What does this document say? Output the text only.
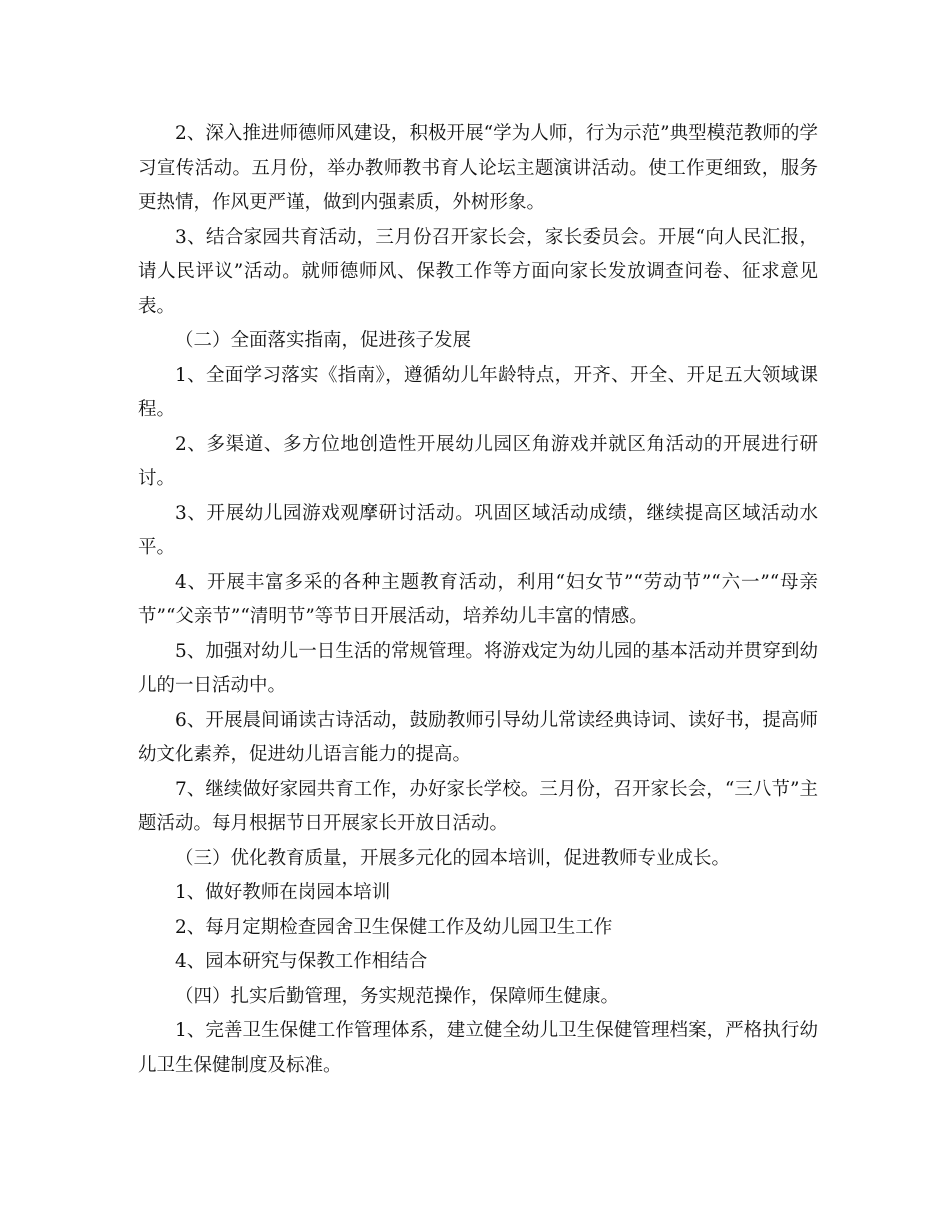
2、深入推进师德师风建设，积极开展“学为人师，行为示范”典型模范教师的学习宣传活动。五月份，举办教师教书育人论坛主题演讲活动。使工作更细致，服务更热情，作风更严谨，做到内强素质，外树形象。

3、结合家园共育活动，三月份召开家长会，家长委员会。开展“向人民汇报，请人民评议”活动。就师德师风、保教工作等方面向家长发放调查问卷、征求意见表。

（二）全面落实指南，促进孩子发展

1、全面学习落实《指南》，遵循幼儿年龄特点，开齐、开全、开足五大领域课程。

2、多渠道、多方位地创造性开展幼儿园区角游戏并就区角活动的开展进行研讨。

3、开展幼儿园游戏观摩研讨活动。巩固区域活动成绩，继续提高区域活动水平。

4、开展丰富多采的各种主题教育活动，利用“妇女节”“劳动节”“六一”“母亲节”“父亲节”“清明节”等节日开展活动，培养幼儿丰富的情感。

5、加强对幼儿一日生活的常规管理。将游戏定为幼儿园的基本活动并贯穿到幼儿的一日活动中。

6、开展晨间诵读古诗活动，鼓励教师引导幼儿常读经典诗词、读好书，提高师幼文化素养，促进幼儿语言能力的提高。

7、继续做好家园共育工作，办好家长学校。三月份，召开家长会，“三八节”主题活动。每月根据节日开展家长开放日活动。

（三）优化教育质量，开展多元化的园本培训，促进教师专业成长。

1、做好教师在岗园本培训

2、每月定期检查园舍卫生保健工作及幼儿园卫生工作

4、园本研究与保教工作相结合

（四）扎实后勤管理，务实规范操作，保障师生健康。

1、完善卫生保健工作管理体系，建立健全幼儿卫生保健管理档案，严格执行幼儿卫生保健制度及标准。
